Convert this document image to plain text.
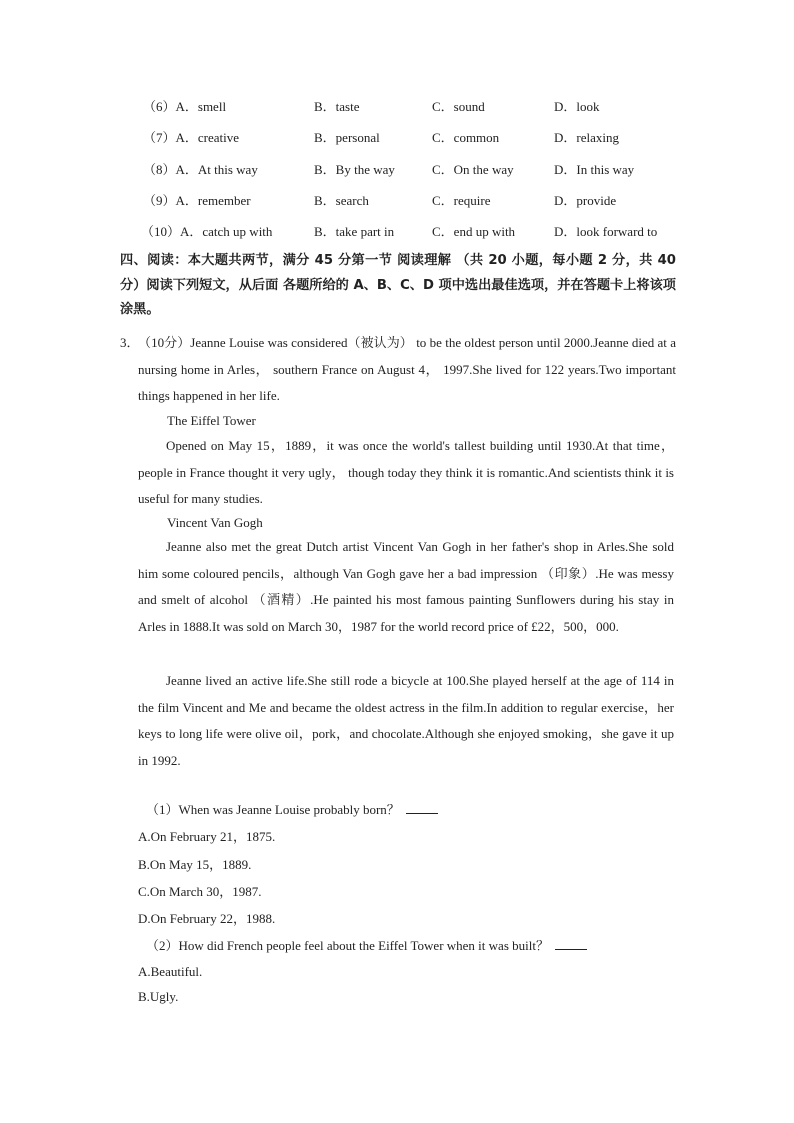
（6）A．smell	B．taste	C．sound	D．look
（7）A．creative	B．personal	C．common	D．relaxing
（8）A．At this way	B．By the way	C．On the way	D．In this way
（9）A．remember	B．search	C．require	D．provide
（10）A．catch up with	B．take part in	C．end up with	D．look forward to
四、阅读：本大题共两节，满分 45 分第一节 阅读理解 （共 20 小题，每小题 2 分，共 40 分）阅读下列短文，从后面 各题所给的 A、B、C、D 项中选出最佳选项，并在答题卡上将该项涂黑。
3．
（10分）Jeanne Louise was considered（被认为） to be the oldest person until 2000.Jeanne died at a nursing home in Arles， southern France on August 4， 1997.She lived for 122 years.Two important things happened in her life.
The Eiffel Tower
Opened on May 15，1889，it was once the world's tallest building until 1930.At that time， people in France thought it very ugly， though today they think it is romantic.And scientists think it is useful for many studies.
Vincent Van Gogh
Jeanne also met the great Dutch artist Vincent Van Gogh in her father's shop in Arles.She sold him some coloured pencils，although Van Gogh gave her a bad impression （印象）.He was messy and smelt of alcohol （酒精）.He painted his most famous painting Sunflowers during his stay in Arles in 1888.It was sold on March 30，1987 for the world record price of £22，500，000.
Jeanne lived an active life.She still rode a bicycle at 100.She played herself at the age of 114 in the film Vincent and Me and became the oldest actress in the film.In addition to regular exercise，her keys to long life were olive oil，pork，and chocolate.Although she enjoyed smoking，she gave it up in 1992.
（1）When was Jeanne Louise probably born？
A.On February 21，1875.
B.On May 15，1889.
C.On March 30，1987.
D.On February 22，1988.
（2）How did French people feel about the Eiffel Tower when it was built？
A.Beautiful.
B.Ugly.
